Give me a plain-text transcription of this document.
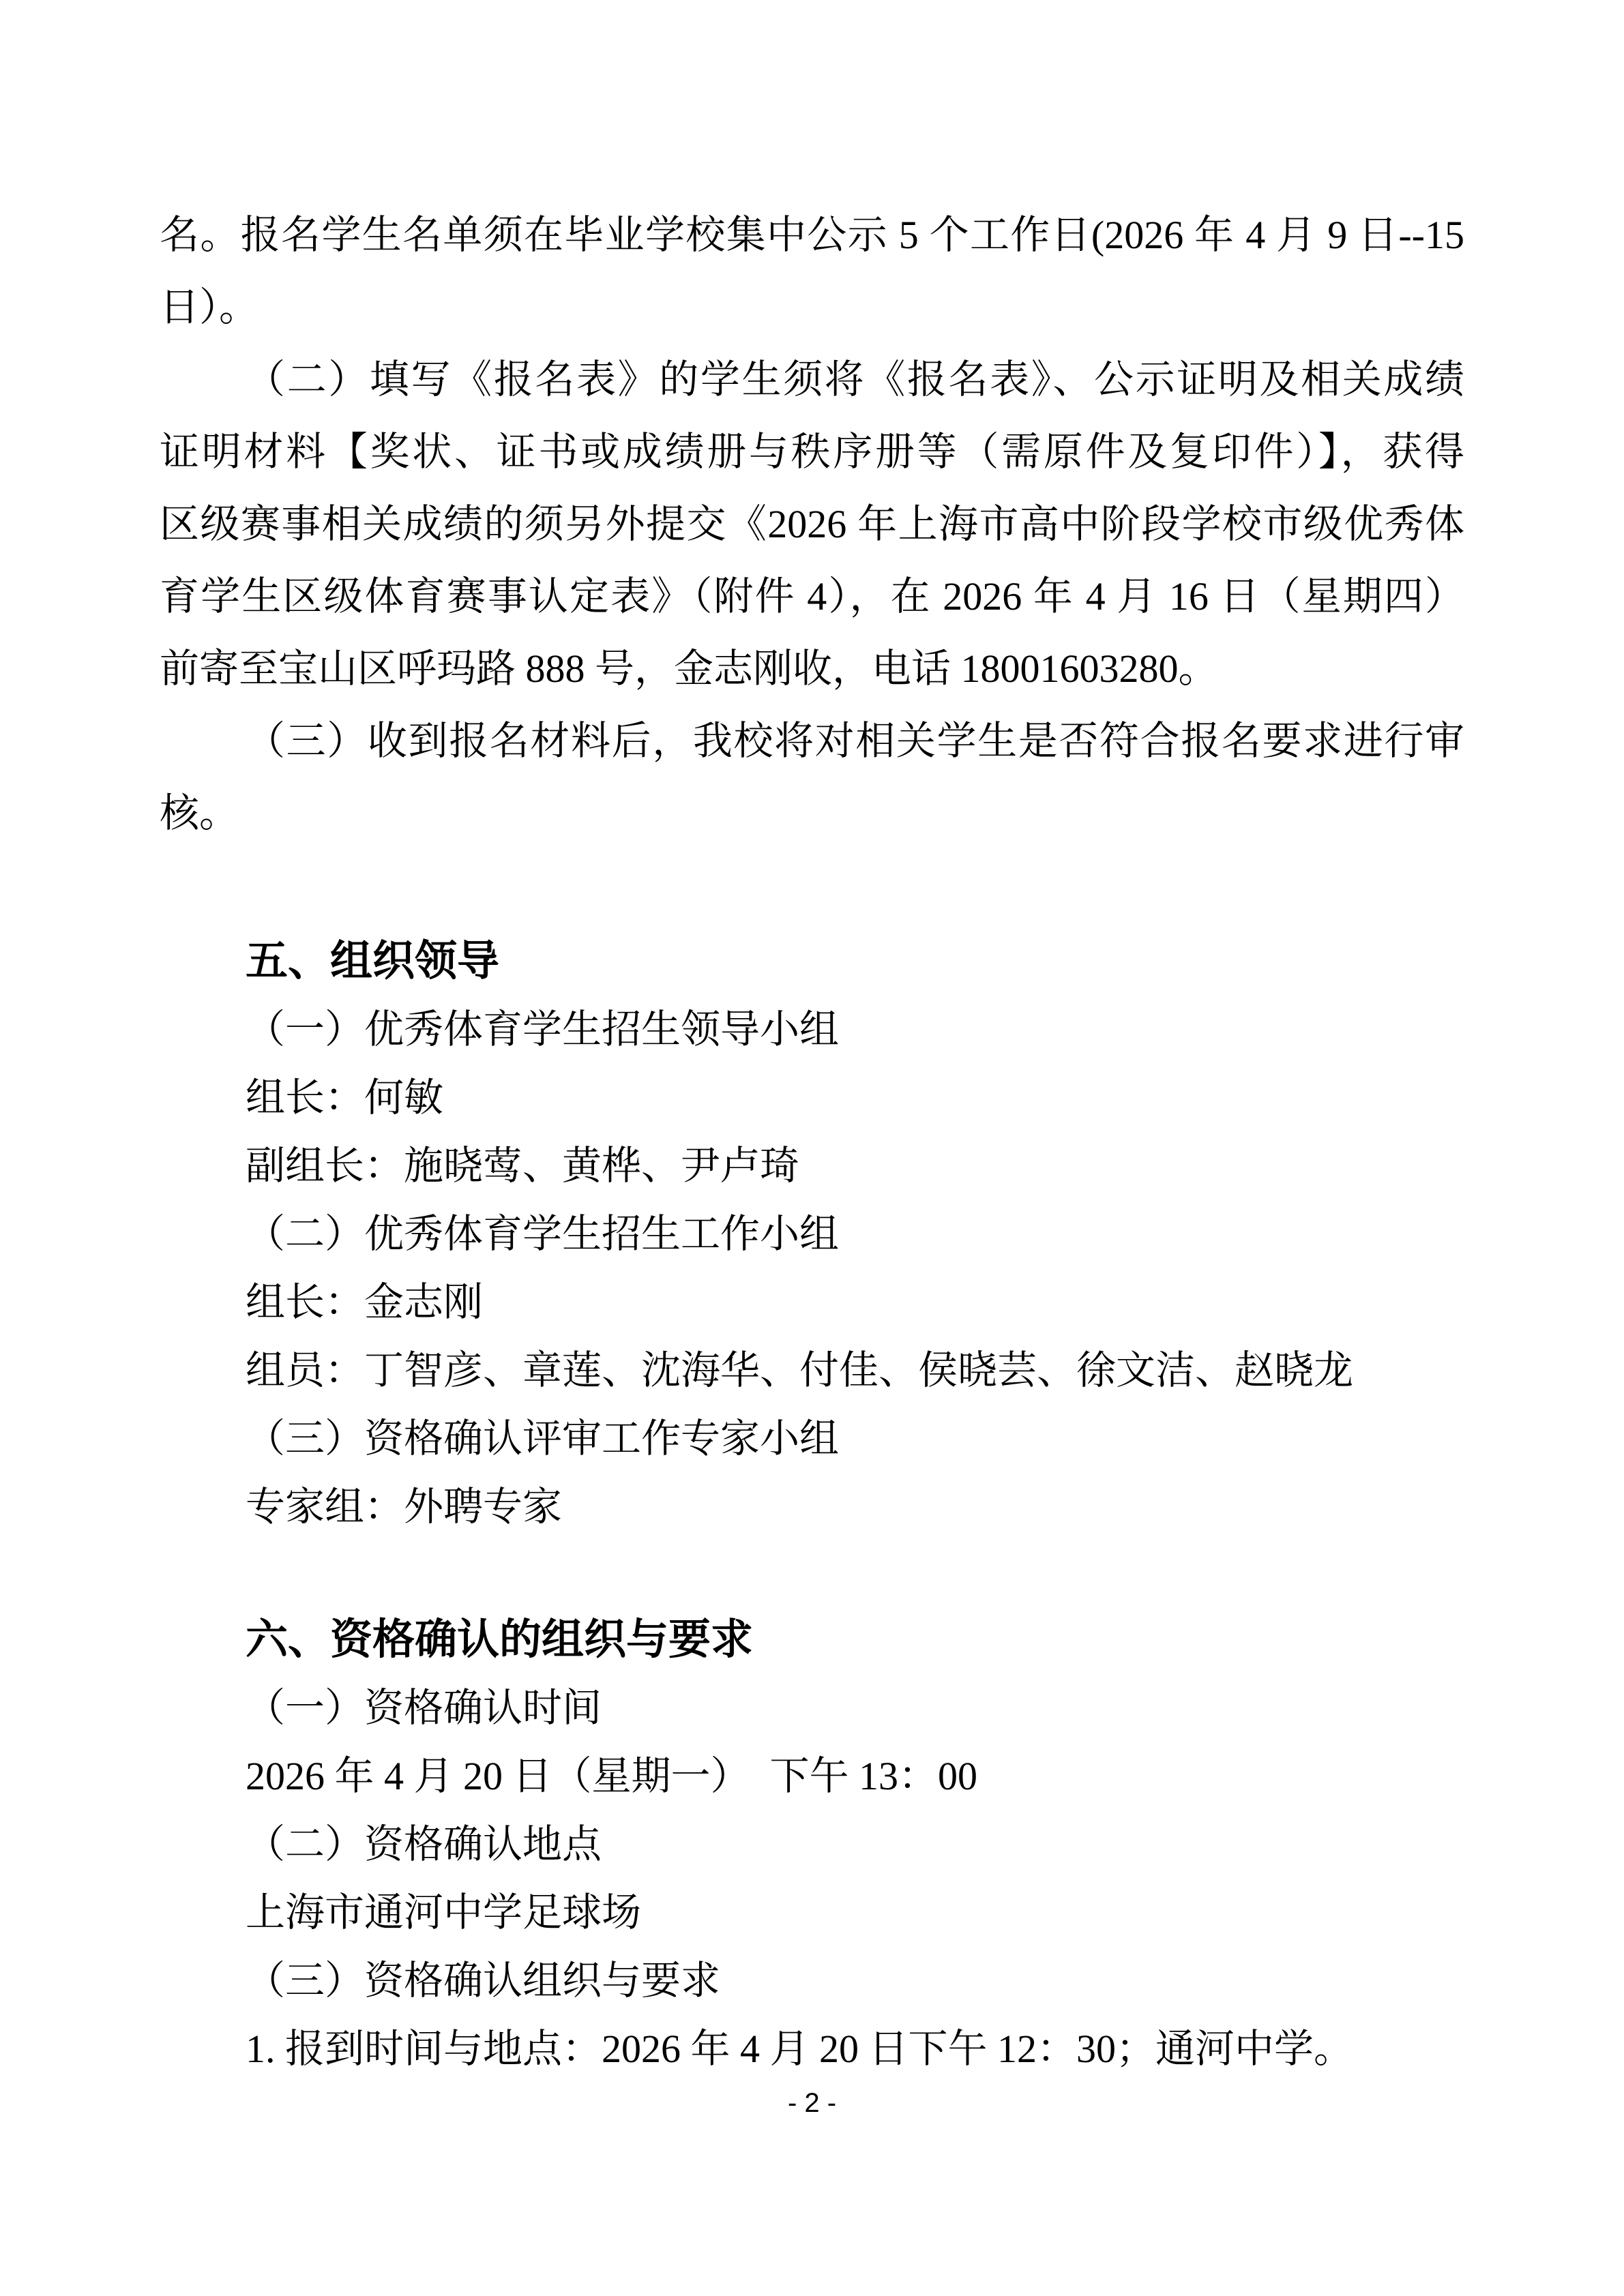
名。报名学生名单须在毕业学校集中公示 5 个工作日(2026 年 4 月 9 日--15
日）。
（二）填写《报名表》的学生须将《报名表》、公示证明及相关成绩
证明材料【奖状、证书或成绩册与秩序册等（需原件及复印件）】，获得
区级赛事相关成绩的须另外提交《2026 年上海市高中阶段学校市级优秀体
育学生区级体育赛事认定表》（附件 4），在 2026 年 4 月 16 日（星期四）
前寄至宝山区呼玛路 888 号，金志刚收，电话 18001603280。
（三）收到报名材料后，我校将对相关学生是否符合报名要求进行审
核。
五、组织领导
（一）优秀体育学生招生领导小组
组长：何敏
副组长：施晓莺、黄桦、尹卢琦
（二）优秀体育学生招生工作小组
组长：金志刚
组员：丁智彦、章莲、沈海华、付佳、侯晓芸、徐文洁、赵晓龙
（三）资格确认评审工作专家小组
专家组：外聘专家
六、资格确认的组织与要求
（一）资格确认时间
2026 年 4 月 20 日（星期一）　下午 13：00
（二）资格确认地点
上海市通河中学足球场
（三）资格确认组织与要求
1. 报到时间与地点：2026 年 4 月 20 日下午 12：30；通河中学。
- 2 -
